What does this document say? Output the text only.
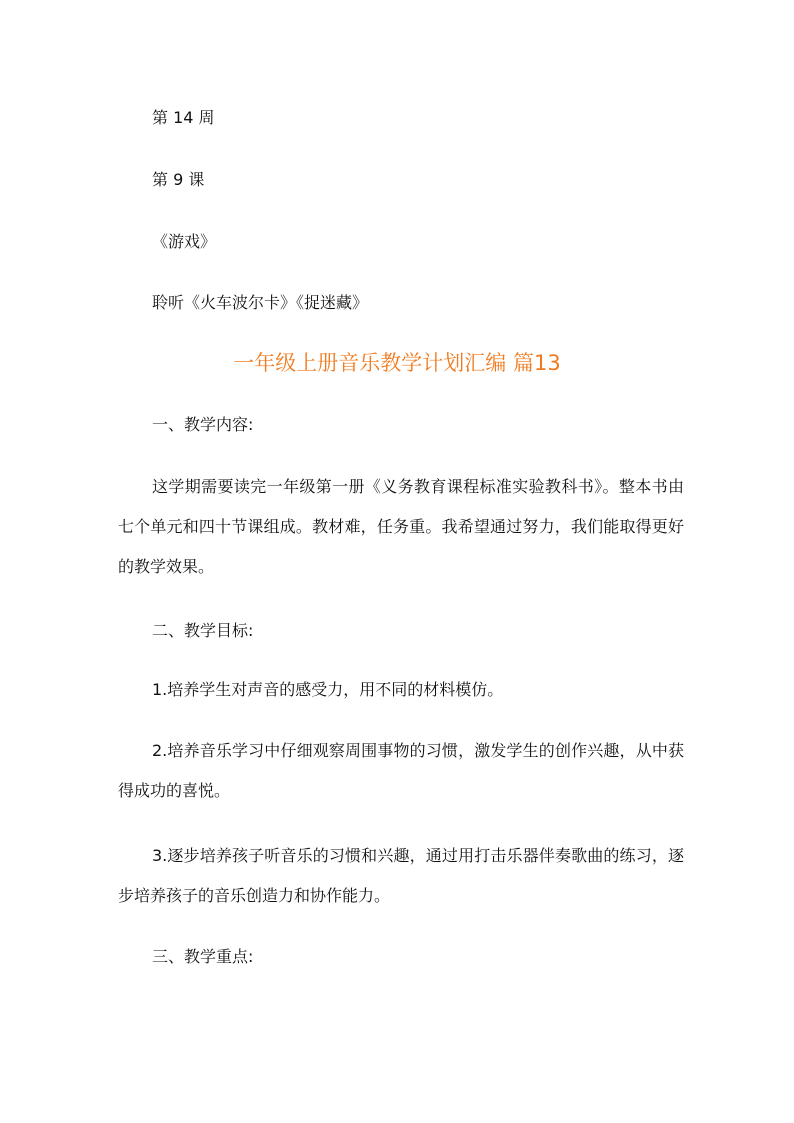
第 14 周
第 9 课
《游戏》
聆听《火车波尔卡》《捉迷藏》
一年级上册音乐教学计划汇编 篇13
一、教学内容:
这学期需要读完一年级第一册《义务教育课程标准实验教科书》。整本书由七个单元和四十节课组成。教材难，任务重。我希望通过努力，我们能取得更好的教学效果。
二、教学目标:
1.培养学生对声音的感受力，用不同的材料模仿。
2.培养音乐学习中仔细观察周围事物的习惯，激发学生的创作兴趣，从中获得成功的喜悦。
3.逐步培养孩子听音乐的习惯和兴趣，通过用打击乐器伴奏歌曲的练习，逐步培养孩子的音乐创造力和协作能力。
三、教学重点:
